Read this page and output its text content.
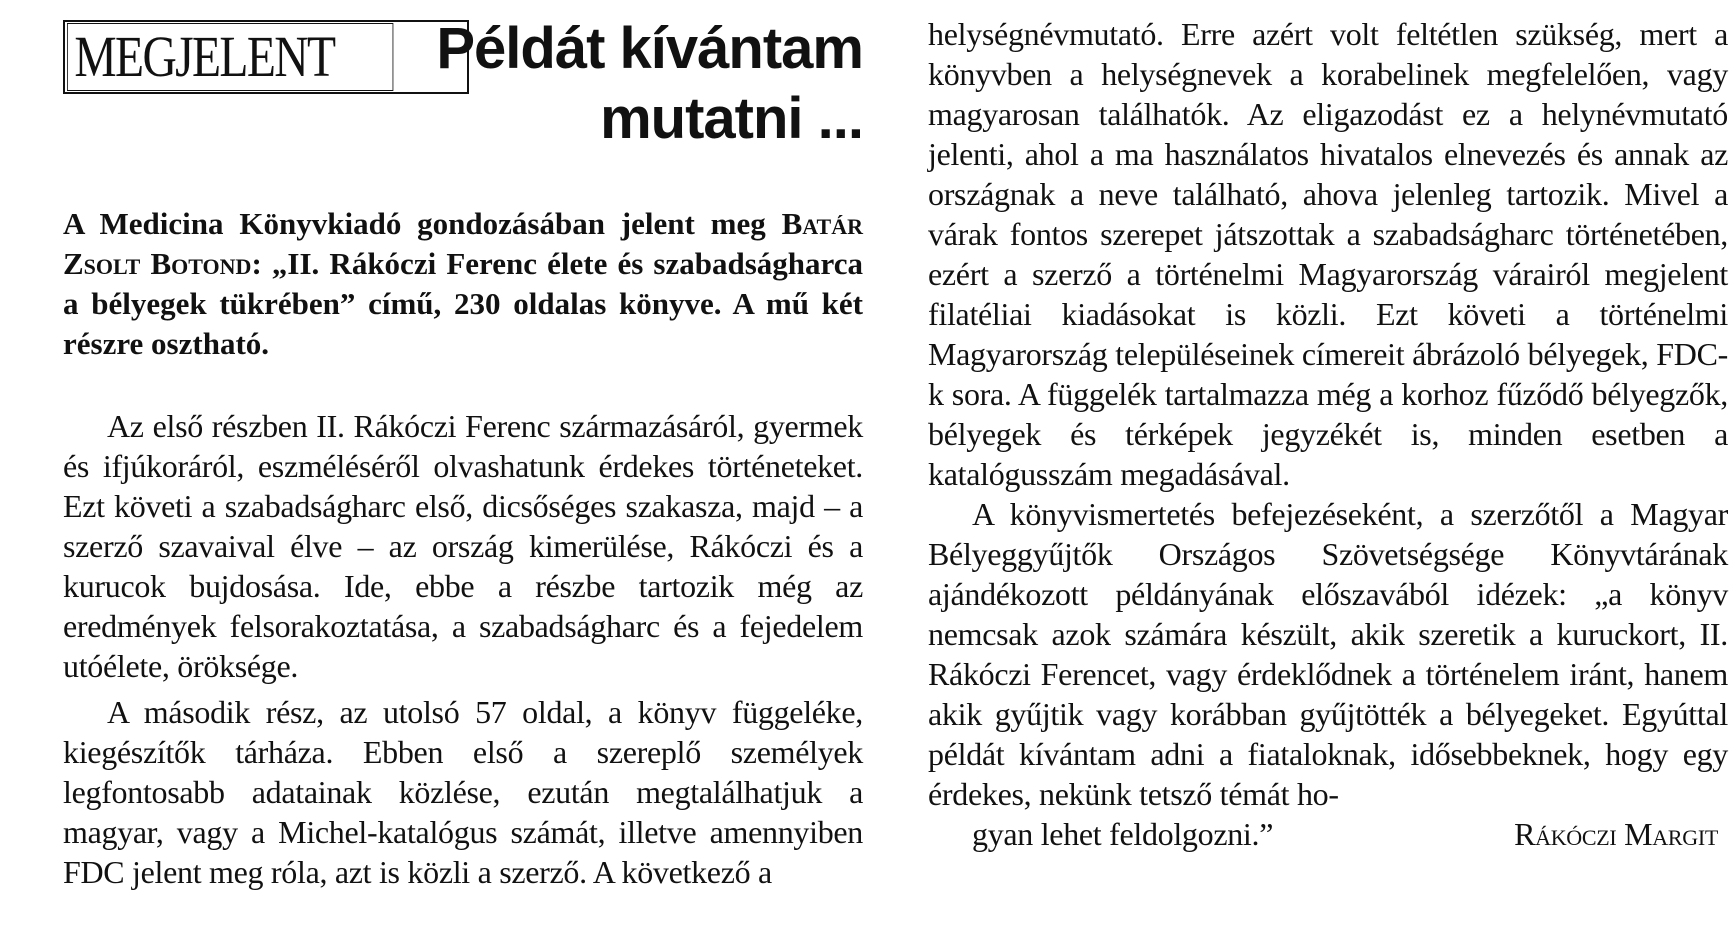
MEGJELENT	Példát kívántam
mutatni ...
A Medicina Könyvkiadó gondozásában jelent meg Batár Zsolt Botond: „II. Rákóczi Ferenc élete és szabadságharca a bélyegek tükrében” című, 230 oldalas könyve. A mű két részre osztható.

Az első részben II. Rákóczi Ferenc származásáról, gyermek és ifjúkoráról, eszméléséről olvashatunk érdekes történeteket. Ezt követi a szabadságharc első, dicsőséges szakasza, majd – a szerző szavaival élve – az ország kimerülése, Rákóczi és a kurucok bujdosása. Ide, ebbe a részbe tartozik még az eredmények felsorakoztatása, a szabadságharc és a fejedelem utóélete, öröksége.

A második rész, az utolsó 57 oldal, a könyv függeléke, kiegészítők tárháza. Ebben első a szereplő személyek legfontosabb adatainak közlése, ezután megtalálhatjuk a magyar, vagy a Michel-katalógus számát, illetve amennyiben FDC jelent meg róla, azt is közli a szerző. A következő a

helységnévmutató. Erre azért volt feltétlen szükség, mert a könyvben a helységnevek a korabelinek megfelelően, vagy magyarosan találhatók. Az eligazodást ez a helynévmutató jelenti, ahol a ma használatos hivatalos elnevezés és annak az országnak a neve található, ahova jelenleg tartozik. Mivel a várak fontos szerepet játszottak a szabadságharc történetében, ezért a szerző a történelmi Magyarország várairól megjelent filatéliai kiadásokat is közli. Ezt követi a történelmi Magyarország településeinek címereit ábrázoló bélyegek, FDC-k sora. A függelék tartalmazza még a korhoz fűződő bélyegzők, bélyegek és térképek jegyzékét is, minden esetben a katalógusszám megadásával.

A könyvismertetés befejezéseként, a szerzőtől a Magyar Bélyeggyűjtők Országos Szövetségsége Könyvtárának ajándékozott példányának előszavából idézek: „a könyv nemcsak azok számára készült, akik szeretik a kuruckort, II. Rákóczi Ferencet, vagy érdeklődnek a történelem iránt, hanem akik gyűjtik vagy korábban gyűjtötték a bélyegeket. Egyúttal példát kívántam adni a fiataloknak, idősebbeknek, hogy egy érdekes, nekünk tetsző témát ho-

gyan lehet feldolgozni.”	Rákóczi Margit
